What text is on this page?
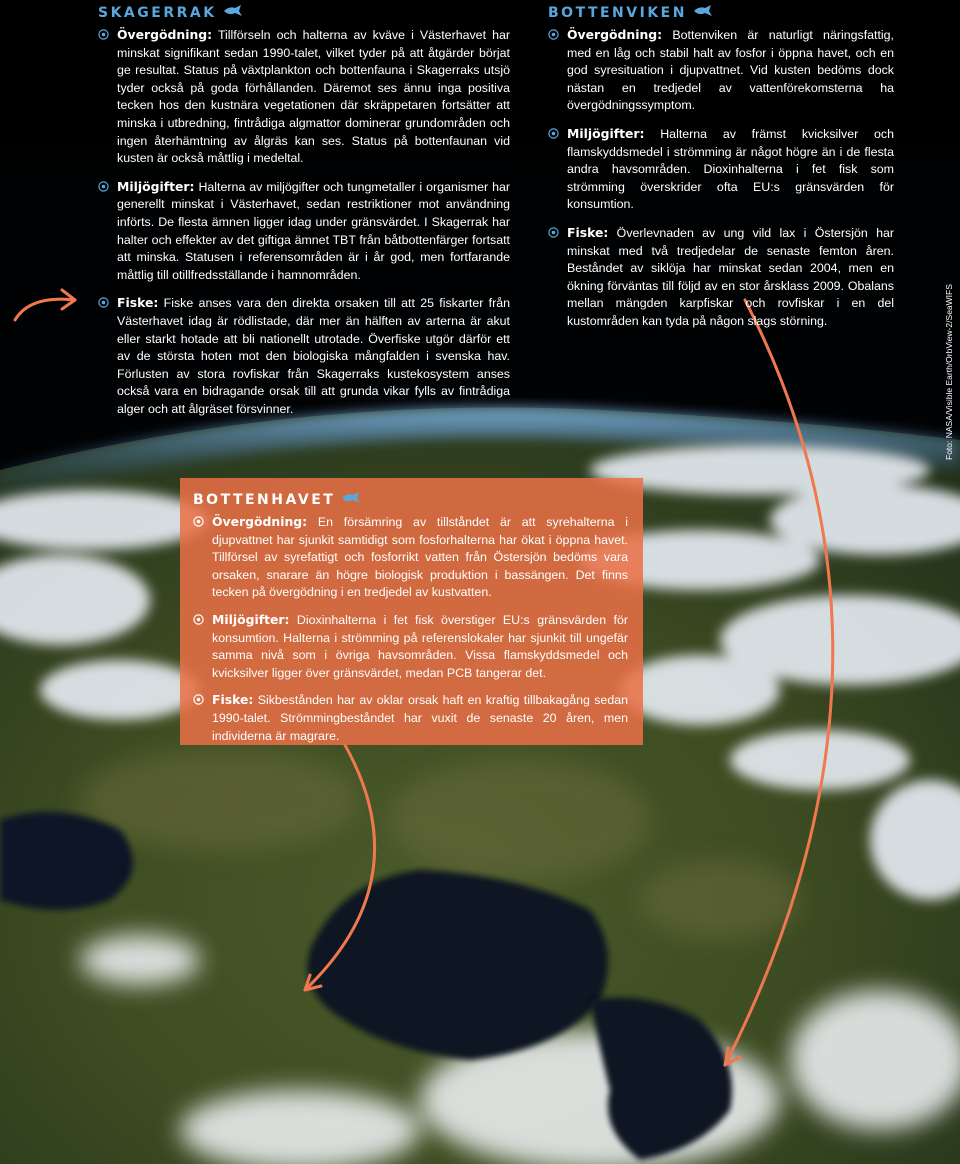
SKAGERRAK
Övergödning: Tillförseln och halterna av kväve i Västerhavet har minskat signifikant sedan 1990-talet, vilket tyder på att åtgärder börjat ge resultat. Status på växtplankton och bottenfauna i Skagerraks utsjö tyder också på goda förhållanden. Däremot ses ännu inga positiva tecken hos den kustnära vegetationen där skräppetaren fortsätter att minska i utbredning, fintrådiga algmattor dominerar grundområden och ingen återhämtning av ålgräs kan ses. Status på bottenfaunan vid kusten är också måttlig i medeltal.
Miljögifter: Halterna av miljögifter och tungmetaller i organismer har generellt minskat i Västerhavet, sedan restriktioner mot användning införts. De flesta ämnen ligger idag under gränsvärdet. I Skagerrak har halter och effekter av det giftiga ämnet TBT från båtbottenfärger fortsatt att minska. Statusen i referensområden är i år god, men fortfarande måttlig till otillfredsställande i hamnområden.
Fiske: Fiske anses vara den direkta orsaken till att 25 fiskarter från Västerhavet idag är rödlistade, där mer än hälften av arterna är akut eller starkt hotade att bli nationellt utrotade. Överfiske utgör därför ett av de största hoten mot den biologiska mångfalden i svenska hav. Förlusten av stora rovfiskar från Skagerraks kustekosystem anses också vara en bidragande orsak till att grunda vikar fylls av fintrådiga alger och att ålgräset försvinner.
BOTTENVIKEN
Övergödning: Bottenviken är naturligt näringsfattig, med en låg och stabil halt av fosfor i öppna havet, och en god syresituation i djupvattnet. Vid kusten bedöms dock nästan en tredjedel av vattenförekomsterna ha övergödningssymptom.
Miljögifter: Halterna av främst kvicksilver och flamskyddsmedel i strömming är något högre än i de flesta andra havsområden. Dioxinhalterna i fet fisk som strömming överskrider ofta EU:s gränsvärden för konsumtion.
Fiske: Överlevnaden av ung vild lax i Östersjön har minskat med två tredjedelar de senaste femton åren. Beståndet av siklöja har minskat sedan 2004, men en ökning förväntas till följd av en stor årsklass 2009. Obalans mellan mängden karpfiskar och rovfiskar i en del kustområden kan tyda på någon slags störning.
BOTTENHAVET
Övergödning: En försämring av tillståndet är att syrehalterna i djupvattnet har sjunkit samtidigt som fosforhalterna har ökat i öppna havet. Tillförsel av syrefattigt och fosforrikt vatten från Östersjön bedöms vara orsaken, snarare än högre biologisk produktion i bassängen. Det finns tecken på övergödning i en tredjedel av kustvatten.
Miljögifter: Dioxinhalterna i fet fisk överstiger EU:s gränsvärden för konsumtion. Halterna i strömming på referenslokaler har sjunkit till ungefär samma nivå som i övriga havsområden. Vissa flamskyddsmedel och kvicksilver ligger över gränsvärdet, medan PCB tangerar det.
Fiske: Sikbestånden har av oklar orsak haft en kraftig tillbakagång sedan 1990-talet. Strömmingbeståndet har vuxit de senaste 20 åren, men individerna är magrare.
Foto: NASA/Visible Earth/OrbView-2/SeaWIFS
